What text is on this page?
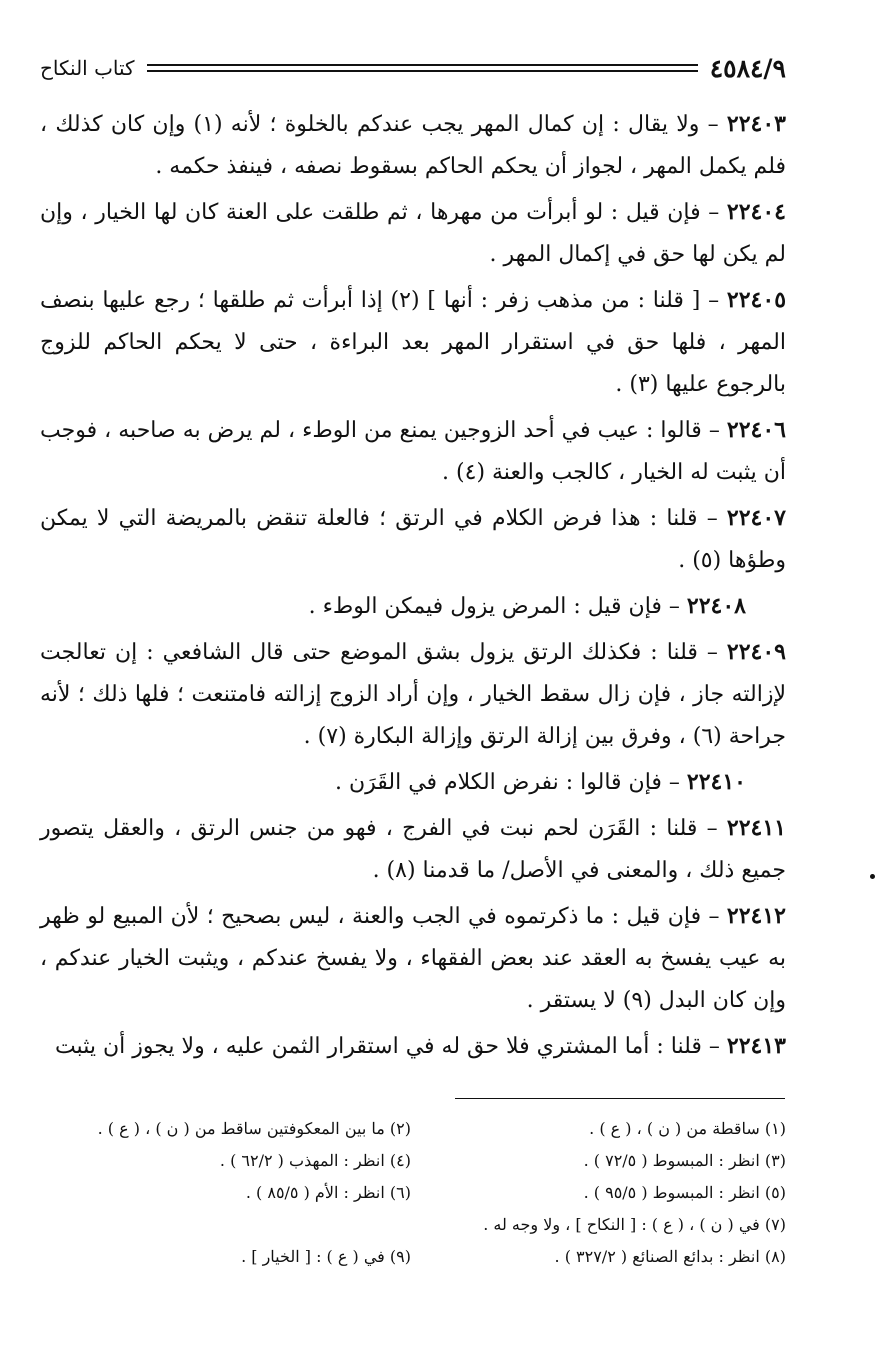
٤٥٨٤/٩
كتاب النكاح

٢٢٤٠٣ – ولا يقال : إن كمال المهر يجب عندكم بالخلوة ؛ لأنه (١) وإن كان كذلك ، فلم يكمل المهر ، لجواز أن يحكم الحاكم بسقوط نصفه ، فينفذ حكمه .

٢٢٤٠٤ – فإن قيل : لو أبرأت من مهرها ، ثم طلقت على العنة كان لها الخيار ، وإن لم يكن لها حق في إكمال المهر .

٢٢٤٠٥ – [ قلنا : من مذهب زفر : أنها ] (٢) إذا أبرأت ثم طلقها ؛ رجع عليها بنصف المهر ، فلها حق في استقرار المهر بعد البراءة ، حتى لا يحكم الحاكم للزوج بالرجوع عليها (٣) .

٢٢٤٠٦ – قالوا : عيب في أحد الزوجين يمنع من الوطء ، لم يرض به صاحبه ، فوجب أن يثبت له الخيار ، كالجب والعنة (٤) .

٢٢٤٠٧ – قلنا : هذا فرض الكلام في الرتق ؛ فالعلة تنقض بالمريضة التي لا يمكن وطؤها (٥) .

٢٢٤٠٨ – فإن قيل : المرض يزول فيمكن الوطء .

٢٢٤٠٩ – قلنا : فكذلك الرتق يزول بشق الموضع حتى قال الشافعي : إن تعالجت لإزالته جاز ، فإن زال سقط الخيار ، وإن أراد الزوج إزالته فامتنعت ؛ فلها ذلك ؛ لأنه جراحة (٦) ، وفرق بين إزالة الرتق وإزالة البكارة (٧) .

٢٢٤١٠ – فإن قالوا : نفرض الكلام في القَرَن .

٢٢٤١١ – قلنا : القَرَن لحم نبت في الفرج ، فهو من جنس الرتق ، والعقل يتصور جميع ذلك ، والمعنى في الأصل/ ما قدمنا (٨) .

٢٢٤١٢ – فإن قيل : ما ذكرتموه في الجب والعنة ، ليس بصحيح ؛ لأن المبيع لو ظهر به عيب يفسخ به العقد عند بعض الفقهاء ، ولا يفسخ عندكم ، ويثبت الخيار عندكم ، وإن كان البدل (٩) لا يستقر .

٢٢٤١٣ – قلنا : أما المشتري فلا حق له في استقرار الثمن عليه ، ولا يجوز أن يثبت

(١) ساقطة من ( ن ) ، ( ع ) .
(٢) ما بين المعكوفتين ساقط من ( ن ) ، ( ع ) .
(٣) انظر : المبسوط ( ٧٢/٥ ) .
(٤) انظر : المهذب ( ٦٢/٢ ) .
(٥) انظر : المبسوط ( ٩٥/٥ ) .
(٦) انظر : الأم ( ٨٥/٥ ) .
(٧) في ( ن ) ، ( ع ) : [ النكاح ] ، ولا وجه له .
(٨) انظر : بدائع الصنائع ( ٣٢٧/٢ ) .
(٩) في ( ع ) : [ الخيار ] .
